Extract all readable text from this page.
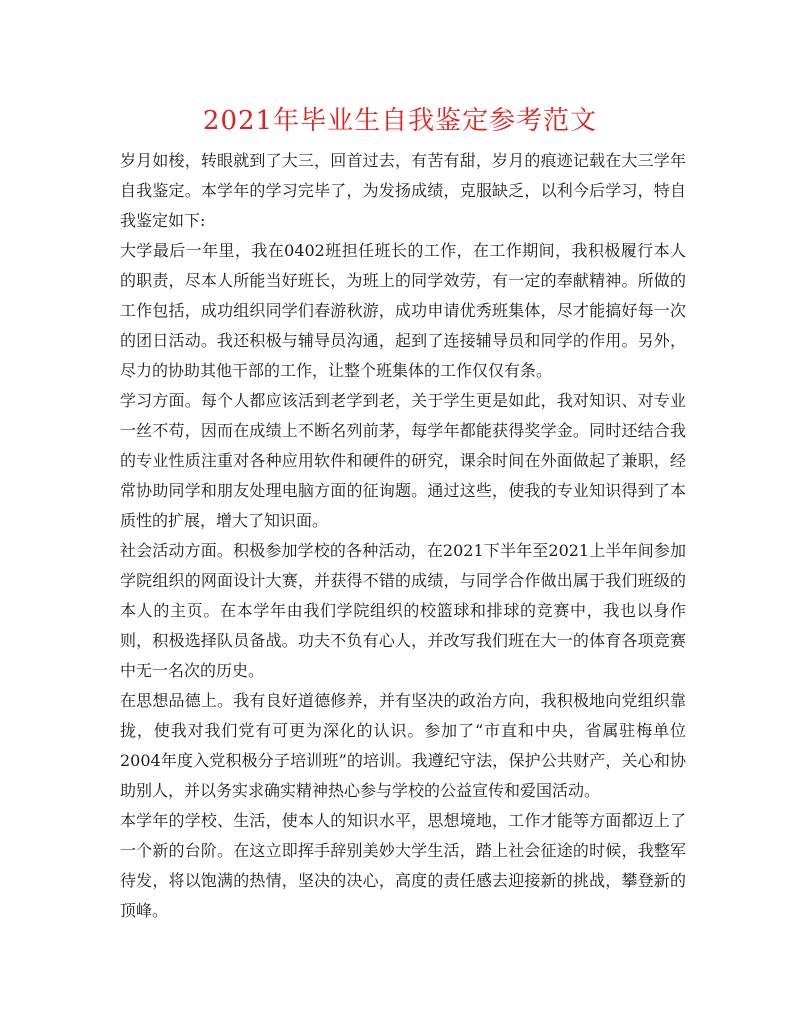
2021年毕业生自我鉴定参考范文

岁月如梭，转眼就到了大三，回首过去，有苦有甜，岁月的痕迹记载在大三学年自我鉴定。本学年的学习完毕了，为发扬成绩，克服缺乏，以利今后学习，特自我鉴定如下:

大学最后一年里，我在0402班担任班长的工作，在工作期间，我积极履行本人的职责，尽本人所能当好班长，为班上的同学效劳，有一定的奉献精神。所做的工作包括，成功组织同学们春游秋游，成功申请优秀班集体，尽才能搞好每一次的团日活动。我还积极与辅导员沟通，起到了连接辅导员和同学的作用。另外，尽力的协助其他干部的工作，让整个班集体的工作仅仅有条。

学习方面。每个人都应该活到老学到老，关于学生更是如此，我对知识、对专业一丝不苟，因而在成绩上不断名列前茅，每学年都能获得奖学金。同时还结合我的专业性质注重对各种应用软件和硬件的研究，课余时间在外面做起了兼职，经常协助同学和朋友处理电脑方面的征询题。通过这些，使我的专业知识得到了本质性的扩展，增大了知识面。

社会活动方面。积极参加学校的各种活动，在2021下半年至2021上半年间参加学院组织的网面设计大赛，并获得不错的成绩，与同学合作做出属于我们班级的本人的主页。在本学年由我们学院组织的校篮球和排球的竞赛中，我也以身作则，积极选择队员备战。功夫不负有心人，并改写我们班在大一的体育各项竞赛中无一名次的历史。

在思想品德上。我有良好道德修养，并有坚决的政治方向，我积极地向党组织靠拢，使我对我们党有可更为深化的认识。参加了“市直和中央，省属驻梅单位2004年度入党积极分子培训班”的培训。我遵纪守法，保护公共财产，关心和协助别人，并以务实求确实精神热心参与学校的公益宣传和爱国活动。

本学年的学校、生活，使本人的知识水平，思想境地，工作才能等方面都迈上了一个新的台阶。在这立即挥手辞别美妙大学生活，踏上社会征途的时候，我整军待发，将以饱满的热情，坚决的决心，高度的责任感去迎接新的挑战，攀登新的顶峰。
